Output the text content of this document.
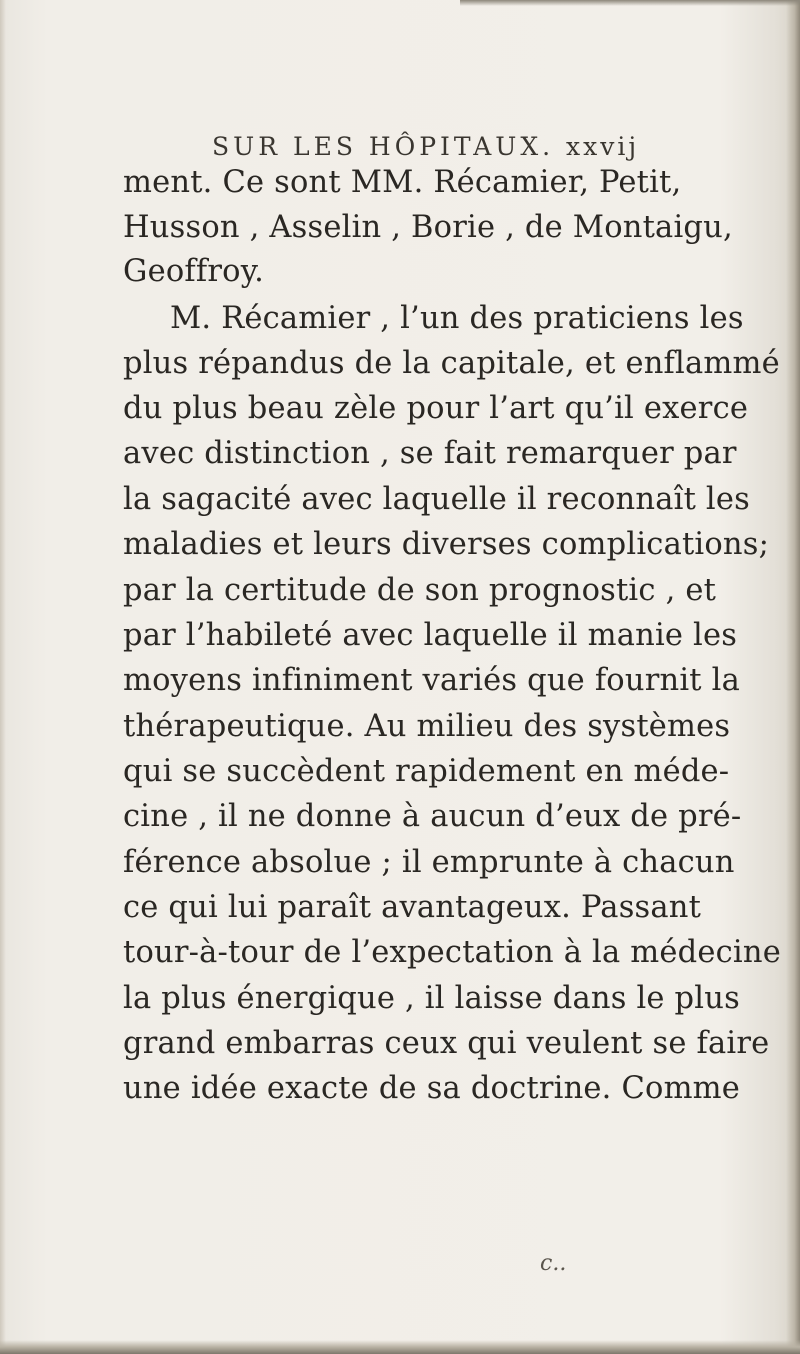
SUR LES HÔPITAUX. xxvij
ment. Ce sont MM. Récamier, Petit,
Husson , Asselin , Borie , de Montaigu,
Geoffroy.
M. Récamier , l’un des praticiens les
plus répandus de la capitale, et enflammé
du plus beau zèle pour l’art qu’il exerce
avec distinction , se fait remarquer par
la sagacité avec laquelle il reconnaît les
maladies et leurs diverses complications;
par la certitude de son prognostic , et
par l’habileté avec laquelle il manie les
moyens infiniment variés que fournit la
thérapeutique. Au milieu des systèmes
qui se succèdent rapidement en méde-
cine , il ne donne à aucun d’eux de pré-
férence absolue ; il emprunte à chacun
ce qui lui paraît avantageux. Passant
tour-à-tour de l’expectation à la médecine
la plus énergique , il laisse dans le plus
grand embarras ceux qui veulent se faire
une idée exacte de sa doctrine. Comme
c..
